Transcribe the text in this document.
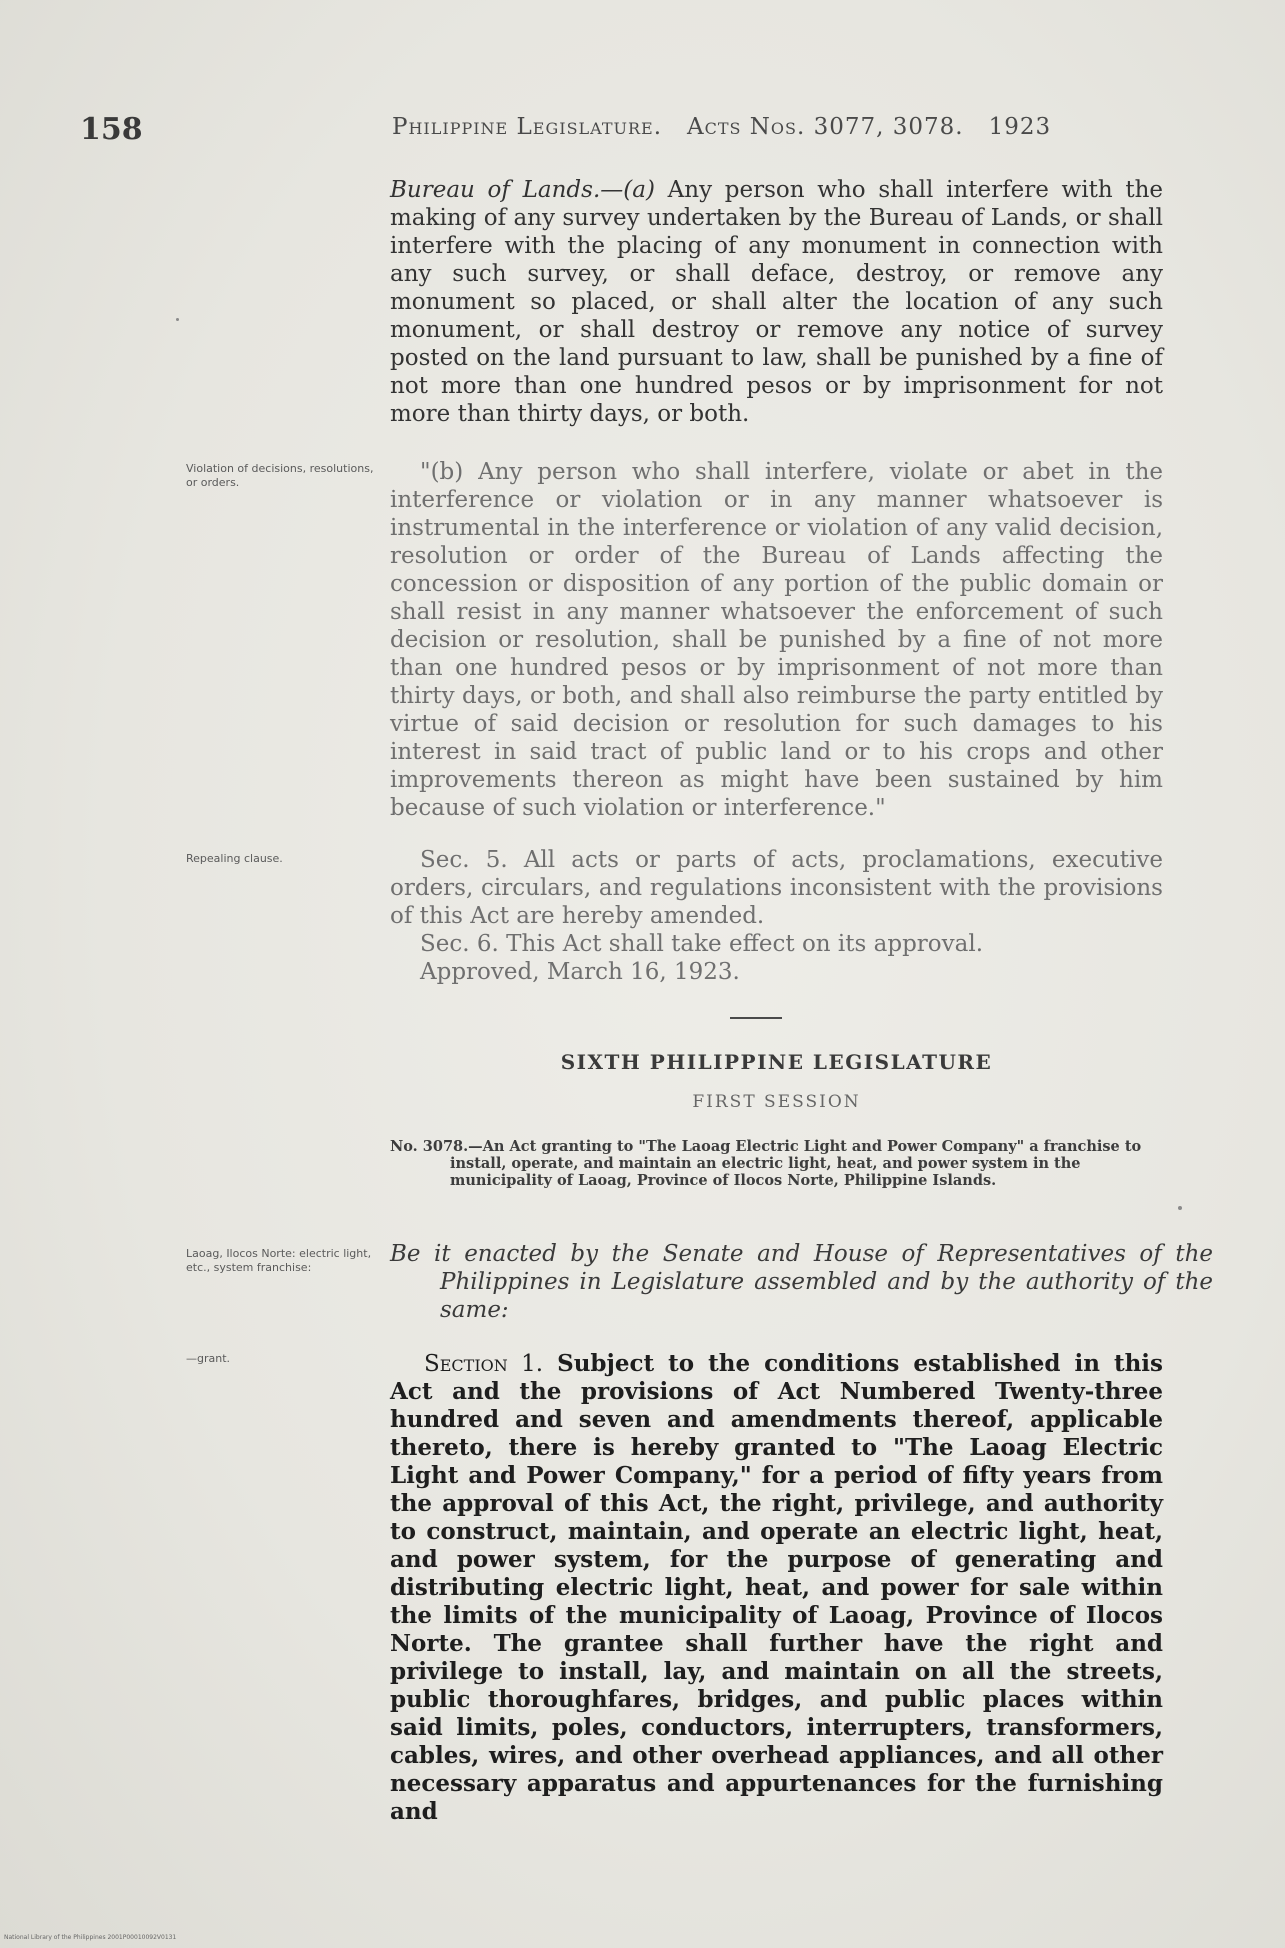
158	Philippine Legislature. Acts Nos. 3077, 3078. 1923

Bureau of Lands.—(a) Any person who shall interfere with the making of any survey undertaken by the Bureau of Lands, or shall interfere with the placing of any monument in connection with any such survey, or shall deface, destroy, or remove any monument so placed, or shall alter the location of any such monument, or shall destroy or remove any notice of survey posted on the land pursuant to law, shall be punished by a fine of not more than one hundred pesos or by imprisonment for not more than thirty days, or both.

Violation of decisions, resolutions, or orders.	"(b) Any person who shall interfere, violate or abet in the interference or violation or in any manner whatsoever is instrumental in the interference or violation of any valid decision, resolution or order of the Bureau of Lands affecting the concession or disposition of any portion of the public domain or shall resist in any manner whatsoever the enforcement of such decision or resolution, shall be punished by a fine of not more than one hundred pesos or by imprisonment of not more than thirty days, or both, and shall also reimburse the party entitled by virtue of said decision or resolution for such damages to his interest in said tract of public land or to his crops and other improvements thereon as might have been sustained by him because of such violation or interference."

Repealing clause.	Sec. 5. All acts or parts of acts, proclamations, executive orders, circulars, and regulations inconsistent with the provisions of this Act are hereby amended.

Sec. 6. This Act shall take effect on its approval.

Approved, March 16, 1923.

SIXTH PHILIPPINE LEGISLATURE

FIRST SESSION

No. 3078.—An Act granting to "The Laoag Electric Light and Power Company" a franchise to install, operate, and maintain an electric light, heat, and power system in the municipality of Laoag, Province of Ilocos Norte, Philippine Islands.

Laoag, Ilocos Norte: electric light, etc., system franchise:

Be it enacted by the Senate and House of Representatives of the Philippines in Legislature assembled and by the authority of the same:

—grant.	Section 1. Subject to the conditions established in this Act and the provisions of Act Numbered Twenty-three hundred and seven and amendments thereof, applicable thereto, there is hereby granted to "The Laoag Electric Light and Power Company," for a period of fifty years from the approval of this Act, the right, privilege, and authority to construct, maintain, and operate an electric light, heat, and power system, for the purpose of generating and distributing electric light, heat, and power for sale within the limits of the municipality of Laoag, Province of Ilocos Norte. The grantee shall further have the right and privilege to install, lay, and maintain on all the streets, public thoroughfares, bridges, and public places within said limits, poles, conductors, interrupters, transformers, cables, wires, and other overhead appliances, and all other necessary apparatus and appurtenances for the furnishing and

National Library of the Philippines 2001P00010092V0131
